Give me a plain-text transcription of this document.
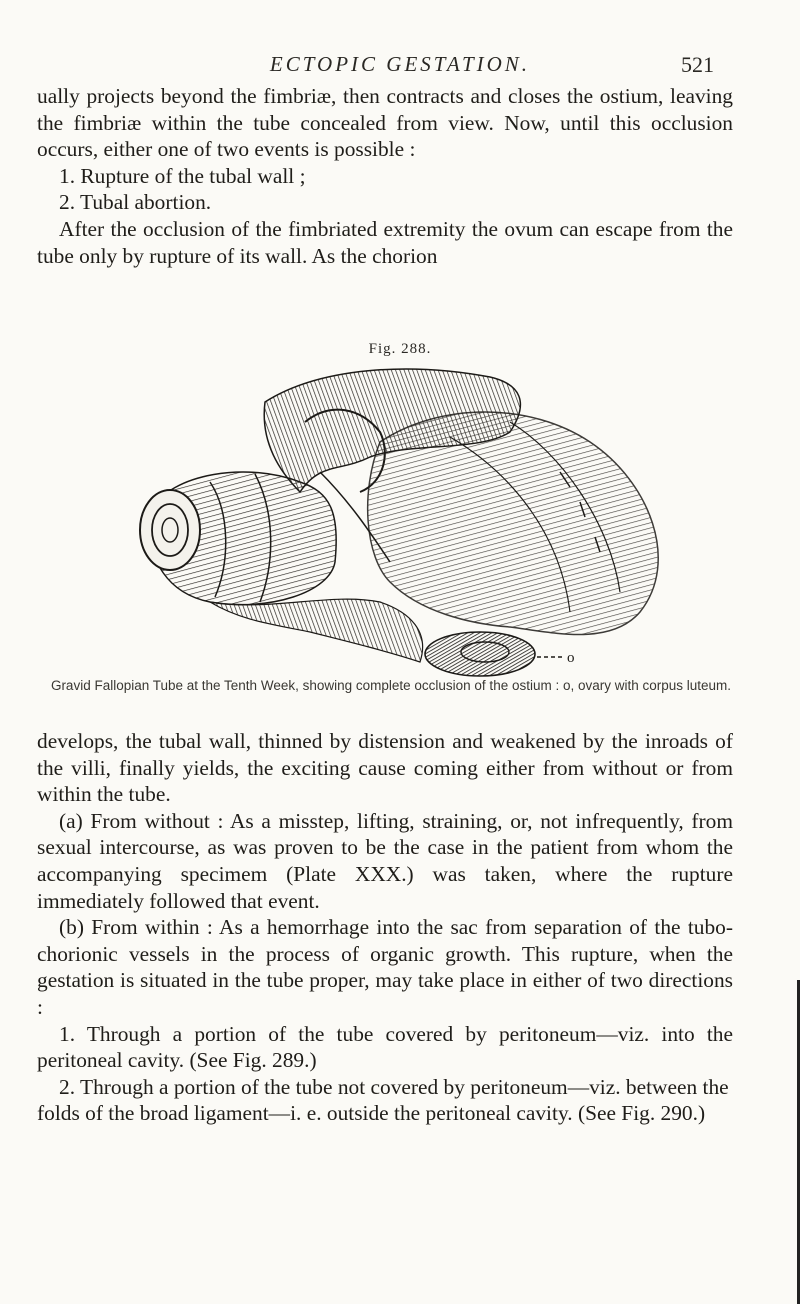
ECTOPIC GESTATION.	521

ually projects beyond the fimbriæ, then contracts and closes the ostium, leaving the fimbriæ within the tube concealed from view. Now, until this occlusion occurs, either one of two events is possible :

1. Rupture of the tubal wall ;

2. Tubal abortion.

After the occlusion of the fimbriated extremity the ovum can escape from the tube only by rupture of its wall. As the chorion

Fig. 288.
o
Gravid Fallopian Tube at the Tenth Week, showing complete occlusion of the ostium : o, ovary with corpus luteum.

develops, the tubal wall, thinned by distension and weakened by the inroads of the villi, finally yields, the exciting cause coming either from without or from within the tube.

(a) From without : As a misstep, lifting, straining, or, not infrequently, from sexual intercourse, as was proven to be the case in the patient from whom the accompanying specimem (Plate XXX.) was taken, where the rupture immediately followed that event.

(b) From within : As a hemorrhage into the sac from separation of the tubo-chorionic vessels in the process of organic growth. This rupture, when the gestation is situated in the tube proper, may take place in either of two directions :

1. Through a portion of the tube covered by peritoneum—viz. into the peritoneal cavity. (See Fig. 289.)

2. Through a portion of the tube not covered by peritoneum—viz. between the folds of the broad ligament—i. e. outside the peritoneal cavity. (See Fig. 290.)
